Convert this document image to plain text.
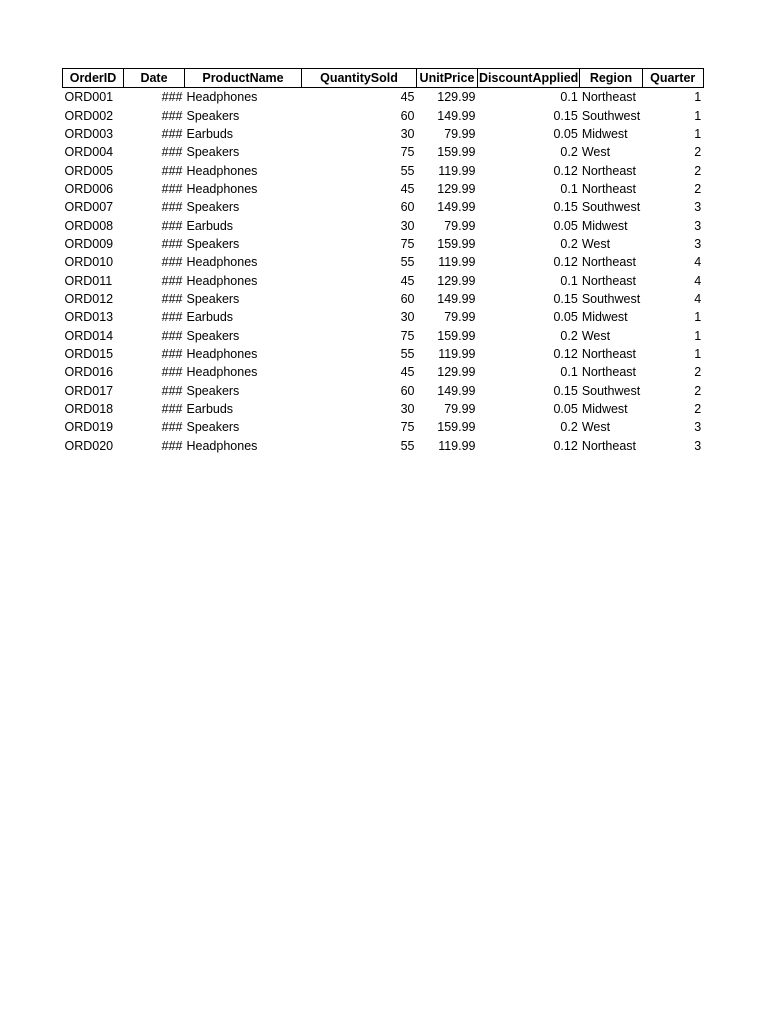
OrderID	Date	ProductName	QuantitySold	UnitPrice	DiscountApplied	Region	Quarter
ORD001	###	Headphones	45	129.99	0.1	Northeast	1
ORD002	###	Speakers	60	149.99	0.15	Southwest	1
ORD003	###	Earbuds	30	79.99	0.05	Midwest	1
ORD004	###	Speakers	75	159.99	0.2	West	2
ORD005	###	Headphones	55	119.99	0.12	Northeast	2
ORD006	###	Headphones	45	129.99	0.1	Northeast	2
ORD007	###	Speakers	60	149.99	0.15	Southwest	3
ORD008	###	Earbuds	30	79.99	0.05	Midwest	3
ORD009	###	Speakers	75	159.99	0.2	West	3
ORD010	###	Headphones	55	119.99	0.12	Northeast	4
ORD011	###	Headphones	45	129.99	0.1	Northeast	4
ORD012	###	Speakers	60	149.99	0.15	Southwest	4
ORD013	###	Earbuds	30	79.99	0.05	Midwest	1
ORD014	###	Speakers	75	159.99	0.2	West	1
ORD015	###	Headphones	55	119.99	0.12	Northeast	1
ORD016	###	Headphones	45	129.99	0.1	Northeast	2
ORD017	###	Speakers	60	149.99	0.15	Southwest	2
ORD018	###	Earbuds	30	79.99	0.05	Midwest	2
ORD019	###	Speakers	75	159.99	0.2	West	3
ORD020	###	Headphones	55	119.99	0.12	Northeast	3
